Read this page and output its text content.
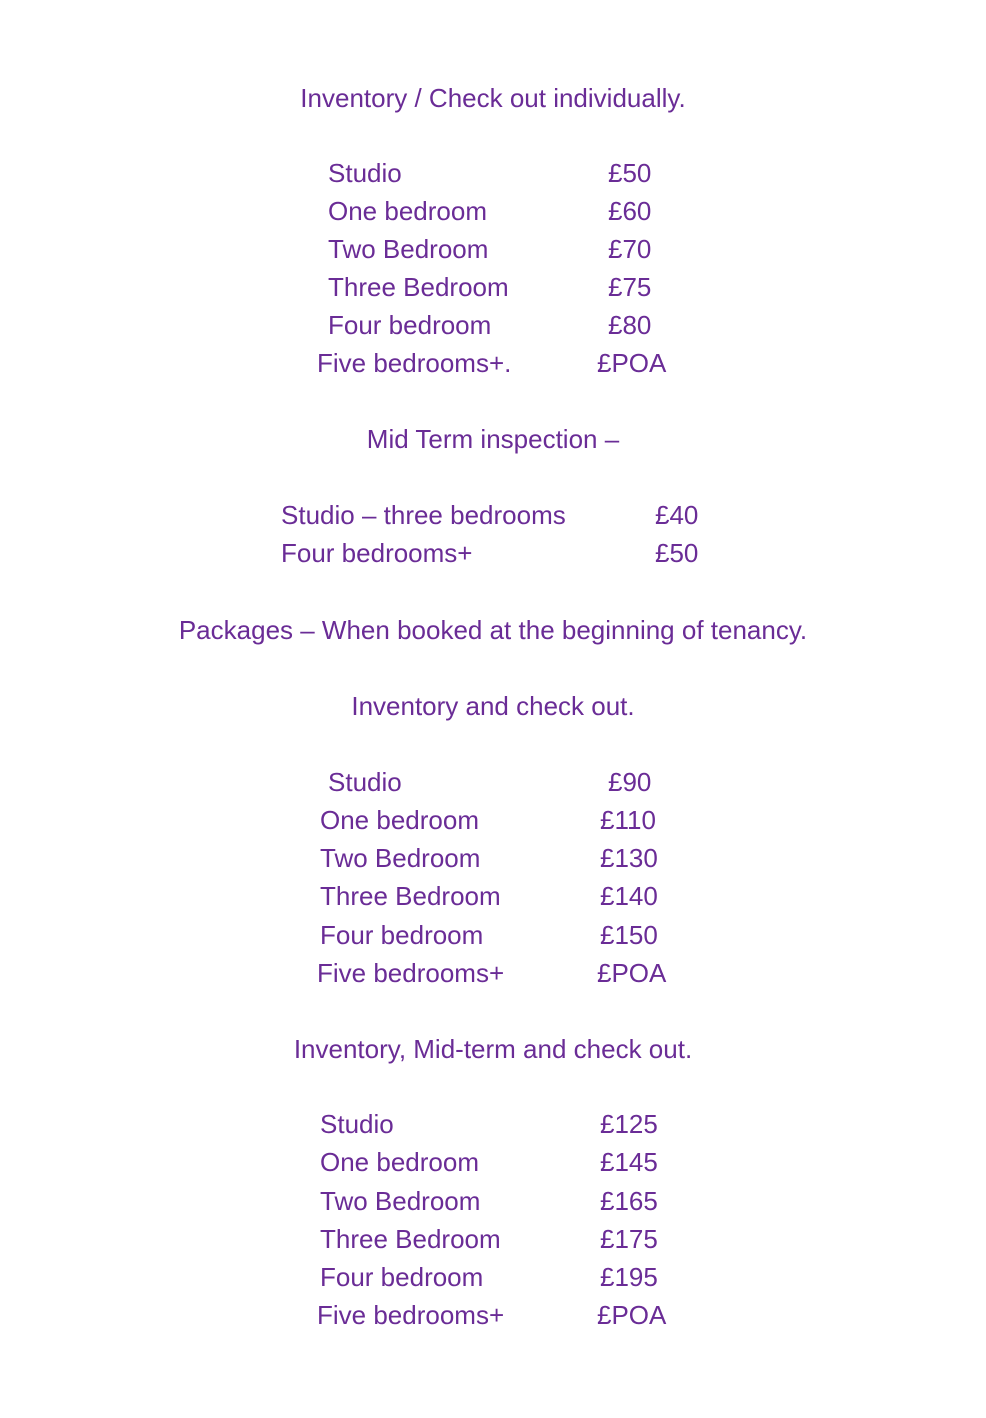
Inventory / Check out individually.
Studio	£50
One bedroom	£60
Two Bedroom	£70
Three Bedroom	£75
Four bedroom	£80
Five bedrooms+.	£POA
Mid Term inspection –
Studio – three bedrooms	£40
Four bedrooms+	£50
Packages – When booked at the beginning of tenancy.
Inventory and check out.
Studio	£90
One bedroom	£110
Two Bedroom	£130
Three Bedroom	£140
Four bedroom	£150
Five bedrooms+	£POA
Inventory, Mid-term and check out.
Studio	£125
One bedroom	£145
Two Bedroom	£165
Three Bedroom	£175
Four bedroom	£195
Five bedrooms+	£POA
